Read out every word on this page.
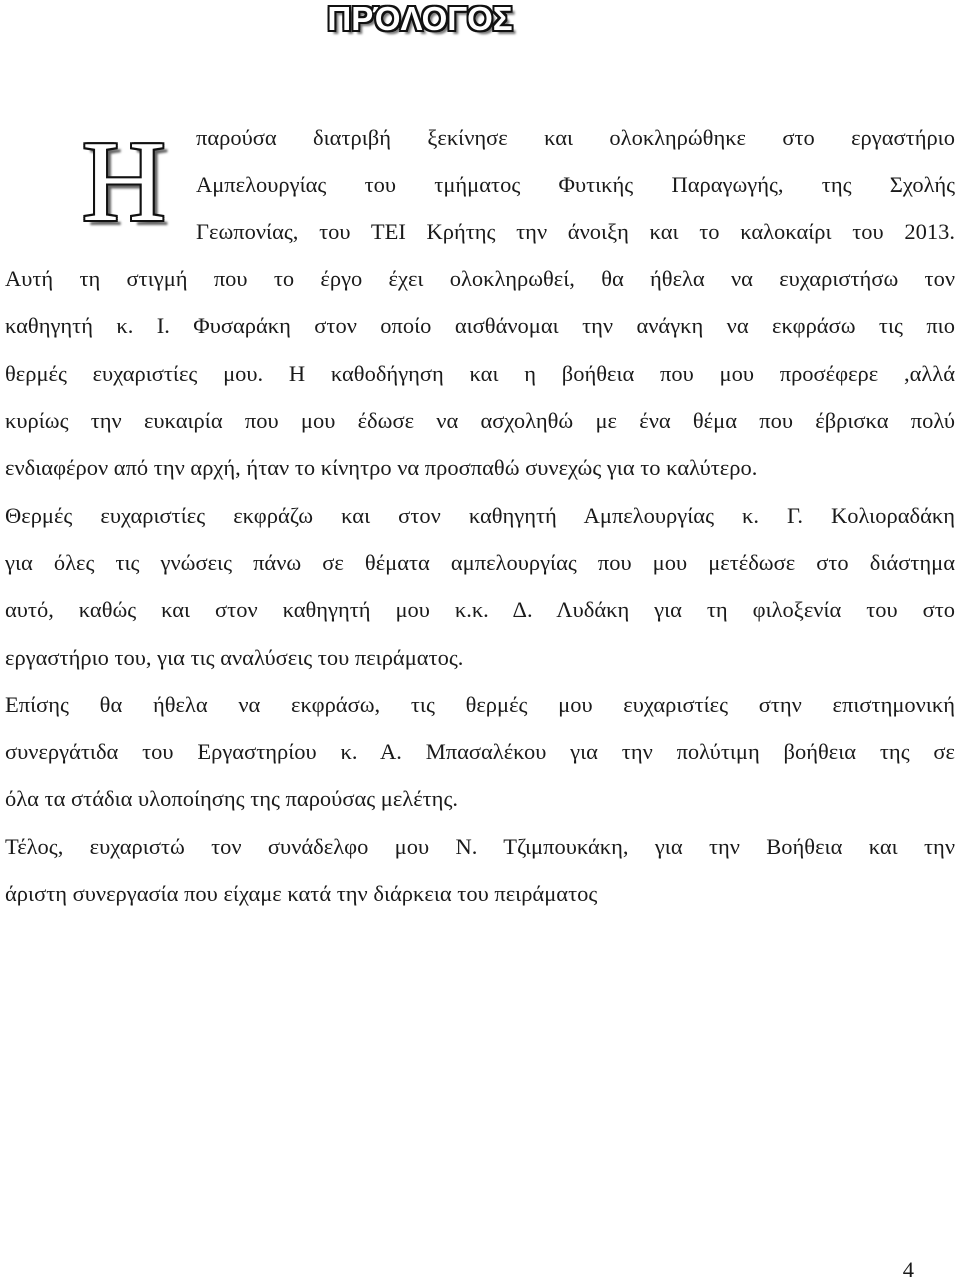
ΠΡΌΛΟΓΟΣ
Η παρούσα διατριβή ξεκίνησε και ολοκληρώθηκε στο εργαστήριο
Αμπελουργίας του τμήματος Φυτικής Παραγωγής, της Σχολής
Γεωπονίας, του ΤΕΙ Κρήτης την άνοιξη και το καλοκαίρι του 2013.
Αυτή τη στιγμή που το έργο έχει ολοκληρωθεί, θα ήθελα να ευχαριστήσω τον
καθηγητή κ. Ι. Φυσαράκη στον οποίο αισθάνομαι την ανάγκη να εκφράσω τις πιο
θερμές ευχαριστίες μου. Η καθοδήγηση και η βοήθεια που μου προσέφερε ,αλλά
κυρίως την ευκαιρία που μου έδωσε να ασχοληθώ με ένα θέμα που έβρισκα πολύ
ενδιαφέρον από την αρχή, ήταν το κίνητρο να προσπαθώ συνεχώς για το καλύτερο.
Θερμές ευχαριστίες εκφράζω και στον καθηγητή Αμπελουργίας κ. Γ. Κολιοραδάκη
για όλες τις γνώσεις πάνω σε θέματα αμπελουργίας που μου μετέδωσε στο διάστημα
αυτό, καθώς και στον καθηγητή μου κ.κ. Δ. Λυδάκη για τη φιλοξενία του στο
εργαστήριο του, για τις αναλύσεις του πειράματος.
Επίσης θα ήθελα να εκφράσω, τις θερμές μου ευχαριστίες στην επιστημονική
συνεργάτιδα του Εργαστηρίου κ. Α. Μπασαλέκου για την πολύτιμη βοήθεια της σε
όλα τα στάδια υλοποίησης της παρούσας μελέτης.
Τέλος, ευχαριστώ τον συνάδελφο μου Ν. Τζιμπουκάκη, για την Βοήθεια και την
άριστη συνεργασία που είχαμε κατά την διάρκεια του πειράματος
4
